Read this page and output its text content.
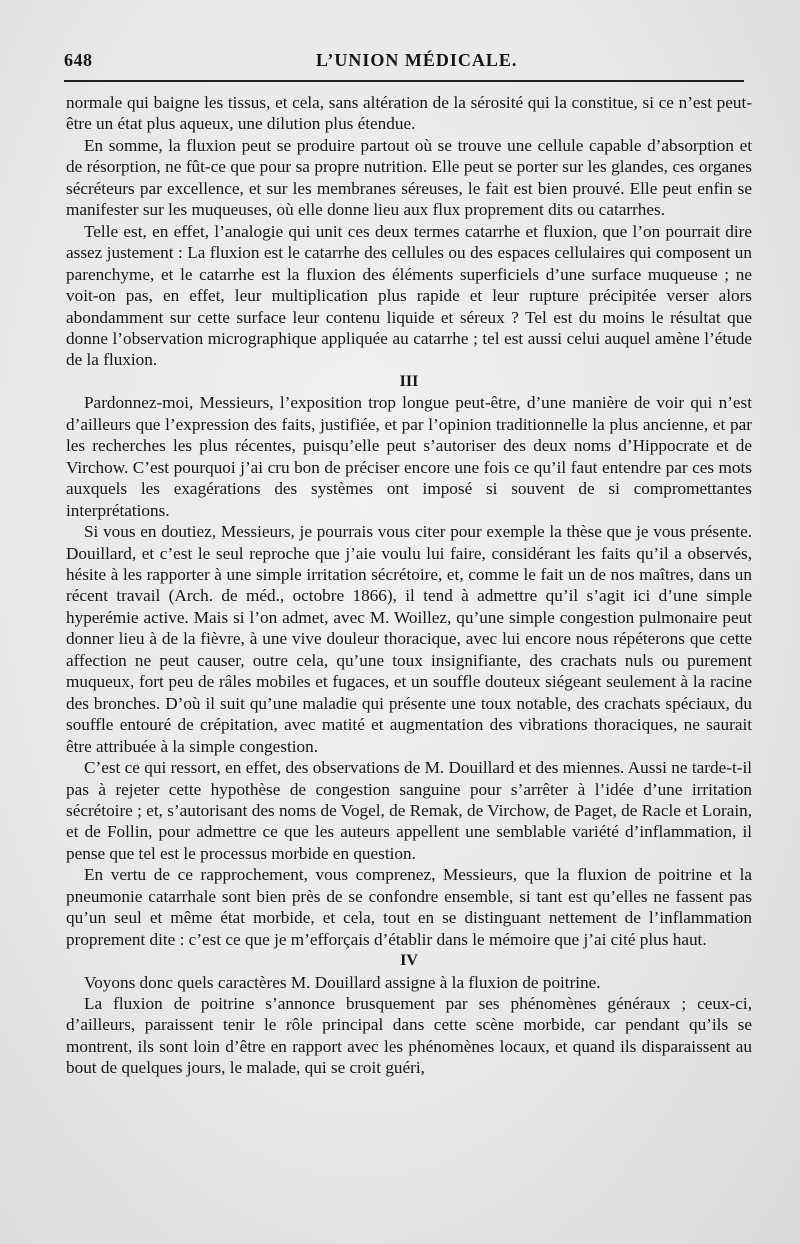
648	L’UNION MÉDICALE.

normale qui baigne les tissus, et cela, sans altération de la sérosité qui la constitue, si ce n’est peut-être un état plus aqueux, une dilution plus étendue.

En somme, la fluxion peut se produire partout où se trouve une cellule capable d’absorption et de résorption, ne fût-ce que pour sa propre nutrition. Elle peut se porter sur les glandes, ces organes sécréteurs par excellence, et sur les membranes séreuses, le fait est bien prouvé. Elle peut enfin se manifester sur les muqueuses, où elle donne lieu aux flux proprement dits ou catarrhes.

Telle est, en effet, l’analogie qui unit ces deux termes catarrhe et fluxion, que l’on pourrait dire assez justement : La fluxion est le catarrhe des cellules ou des espaces cellulaires qui composent un parenchyme, et le catarrhe est la fluxion des éléments superficiels d’une surface muqueuse ; ne voit-on pas, en effet, leur multiplication plus rapide et leur rupture précipitée verser alors abondamment sur cette surface leur contenu liquide et séreux ? Tel est du moins le résultat que donne l’observation micrographique appliquée au catarrhe ; tel est aussi celui auquel amène l’étude de la fluxion.

III

Pardonnez-moi, Messieurs, l’exposition trop longue peut-être, d’une manière de voir qui n’est d’ailleurs que l’expression des faits, justifiée, et par l’opinion traditionnelle la plus ancienne, et par les recherches les plus récentes, puisqu’elle peut s’autoriser des deux noms d’Hippocrate et de Virchow. C’est pourquoi j’ai cru bon de préciser encore une fois ce qu’il faut entendre par ces mots auxquels les exagérations des systèmes ont imposé si souvent de si compromettantes interprétations.

Si vous en doutiez, Messieurs, je pourrais vous citer pour exemple la thèse que je vous présente. Douillard, et c’est le seul reproche que j’aie voulu lui faire, considérant les faits qu’il a observés, hésite à les rapporter à une simple irritation sécrétoire, et, comme le fait un de nos maîtres, dans un récent travail (Arch. de méd., octobre 1866), il tend à admettre qu’il s’agit ici d’une simple hyperémie active. Mais si l’on admet, avec M. Woillez, qu’une simple congestion pulmonaire peut donner lieu à de la fièvre, à une vive douleur thoracique, avec lui encore nous répéterons que cette affection ne peut causer, outre cela, qu’une toux insignifiante, des crachats nuls ou purement muqueux, fort peu de râles mobiles et fugaces, et un souffle douteux siégeant seulement à la racine des bronches. D’où il suit qu’une maladie qui présente une toux notable, des crachats spéciaux, du souffle entouré de crépitation, avec matité et augmentation des vibrations thoraciques, ne saurait être attribuée à la simple congestion.

C’est ce qui ressort, en effet, des observations de M. Douillard et des miennes. Aussi ne tarde-t-il pas à rejeter cette hypothèse de congestion sanguine pour s’arrêter à l’idée d’une irritation sécrétoire ; et, s’autorisant des noms de Vogel, de Remak, de Virchow, de Paget, de Racle et Lorain, et de Follin, pour admettre ce que les auteurs appellent une semblable variété d’inflammation, il pense que tel est le processus morbide en question.

En vertu de ce rapprochement, vous comprenez, Messieurs, que la fluxion de poitrine et la pneumonie catarrhale sont bien près de se confondre ensemble, si tant est qu’elles ne fassent pas qu’un seul et même état morbide, et cela, tout en se distinguant nettement de l’inflammation proprement dite : c’est ce que je m’efforçais d’établir dans le mémoire que j’ai cité plus haut.

IV

Voyons donc quels caractères M. Douillard assigne à la fluxion de poitrine.

La fluxion de poitrine s’annonce brusquement par ses phénomènes généraux ; ceux-ci, d’ailleurs, paraissent tenir le rôle principal dans cette scène morbide, car pendant qu’ils se montrent, ils sont loin d’être en rapport avec les phénomènes locaux, et quand ils disparaissent au bout de quelques jours, le malade, qui se croit guéri,
